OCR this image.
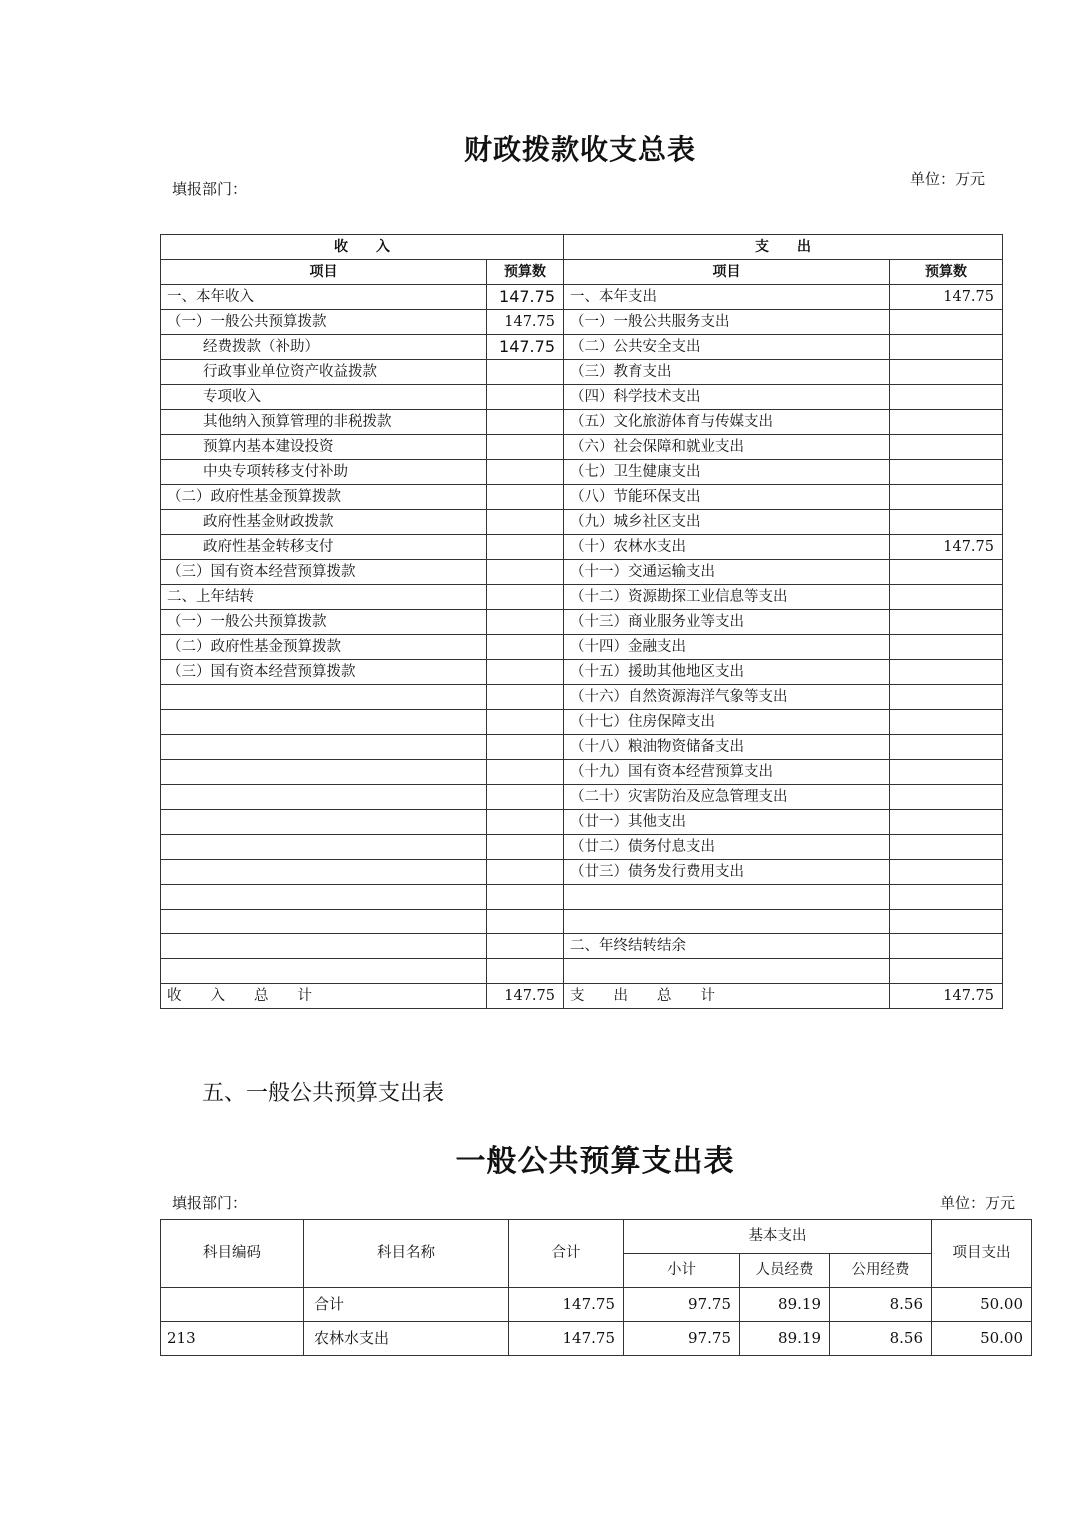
财政拨款收支总表
填报部门：
单位：万元
收　　入		支　　出	
项目	预算数	项目	预算数
一、本年收入	147.75	一、本年支出	147.75
（一）一般公共预算拨款	147.75	（一）一般公共服务支出	
经费拨款（补助）	147.75	（二）公共安全支出	
行政事业单位资产收益拨款		（三）教育支出	
专项收入		（四）科学技术支出	
其他纳入预算管理的非税拨款		（五）文化旅游体育与传媒支出	
预算内基本建设投资		（六）社会保障和就业支出	
中央专项转移支付补助		（七）卫生健康支出	
（二）政府性基金预算拨款		（八）节能环保支出	
政府性基金财政拨款		（九）城乡社区支出	
政府性基金转移支付		（十）农林水支出	147.75
（三）国有资本经营预算拨款		（十一）交通运输支出	
二、上年结转		（十二）资源勘探工业信息等支出	
（一）一般公共预算拨款		（十三）商业服务业等支出	
（二）政府性基金预算拨款		（十四）金融支出	
（三）国有资本经营预算拨款		（十五）援助其他地区支出	
		（十六）自然资源海洋气象等支出	
		（十七）住房保障支出	
		（十八）粮油物资储备支出	
		（十九）国有资本经营预算支出	
		（二十）灾害防治及应急管理支出	
		（廿一）其他支出	
		（廿二）债务付息支出	
		（廿三）债务发行费用支出	

		二、年终结转结余	

收　　入　　总　　计	147.75	支　　出　　总　　计	147.75
五、一般公共预算支出表
一般公共预算支出表
填报部门：	单位：万元
科目编码	科目名称	合计	基本支出			项目支出
			小计	人员经费	公用经费	
	合计	147.75	97.75	89.19	8.56	50.00
213	农林水支出	147.75	97.75	89.19	8.56	50.00
